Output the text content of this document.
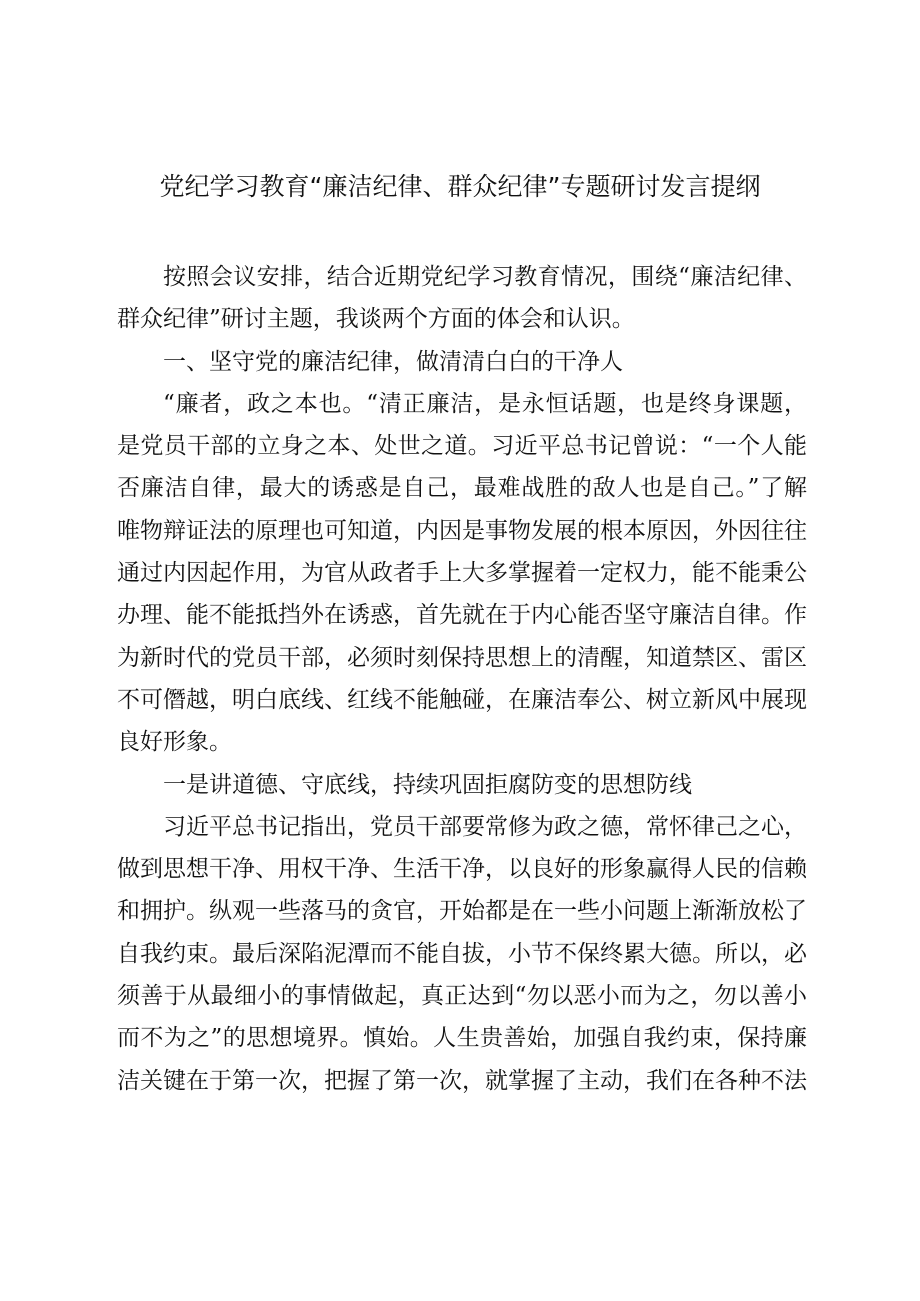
党纪学习教育“廉洁纪律、群众纪律”专题研讨发言提纲

按照会议安排，结合近期党纪学习教育情况，围绕“廉洁纪律、群众纪律”研讨主题，我谈两个方面的体会和认识。

一、坚守党的廉洁纪律，做清清白白的干净人

“廉者，政之本也。“清正廉洁，是永恒话题，也是终身课题，是党员干部的立身之本、处世之道。习近平总书记曾说：“一个人能否廉洁自律，最大的诱惑是自己，最难战胜的敌人也是自己。”了解唯物辩证法的原理也可知道，内因是事物发展的根本原因，外因往往通过内因起作用，为官从政者手上大多掌握着一定权力，能不能秉公办理、能不能抵挡外在诱惑，首先就在于内心能否坚守廉洁自律。作为新时代的党员干部，必须时刻保持思想上的清醒，知道禁区、雷区不可僭越，明白底线、红线不能触碰，在廉洁奉公、树立新风中展现良好形象。

一是讲道德、守底线，持续巩固拒腐防变的思想防线

习近平总书记指出，党员干部要常修为政之德，常怀律己之心，做到思想干净、用权干净、生活干净，以良好的形象赢得人民的信赖和拥护。纵观一些落马的贪官，开始都是在一些小问题上渐渐放松了自我约束。最后深陷泥潭而不能自拔，小节不保终累大德。所以，必须善于从最细小的事情做起，真正达到“勿以恶小而为之，勿以善小而不为之”的思想境界。慎始。人生贵善始，加强自我约束，保持廉洁关键在于第一次，把握了第一次，就掌握了主动，我们在各种不法
